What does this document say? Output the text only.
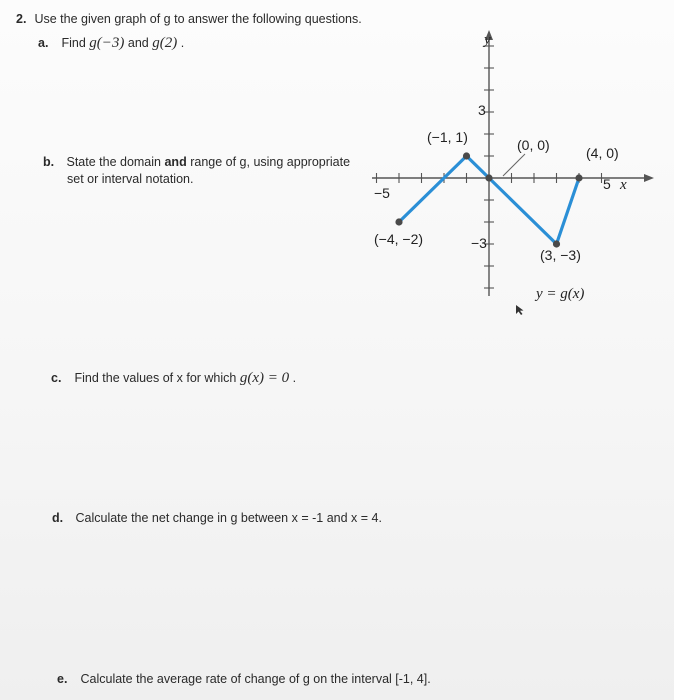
2. Use the given graph of g to answer the following questions.
a. Find g(−3) and g(2) .
b. State the domain and range of g, using appropriate
set or interval notation.
c. Find the values of x for which g(x) = 0 .
d. Calculate the net change in g between x = -1 and x = 4.
e. Calculate the average rate of change of g on the interval [-1, 4].
y
x
3
−3
−5
5
(−1, 1)	(0, 0)	(4, 0)
(−4, −2)
(3, −3)
y = g(x)
